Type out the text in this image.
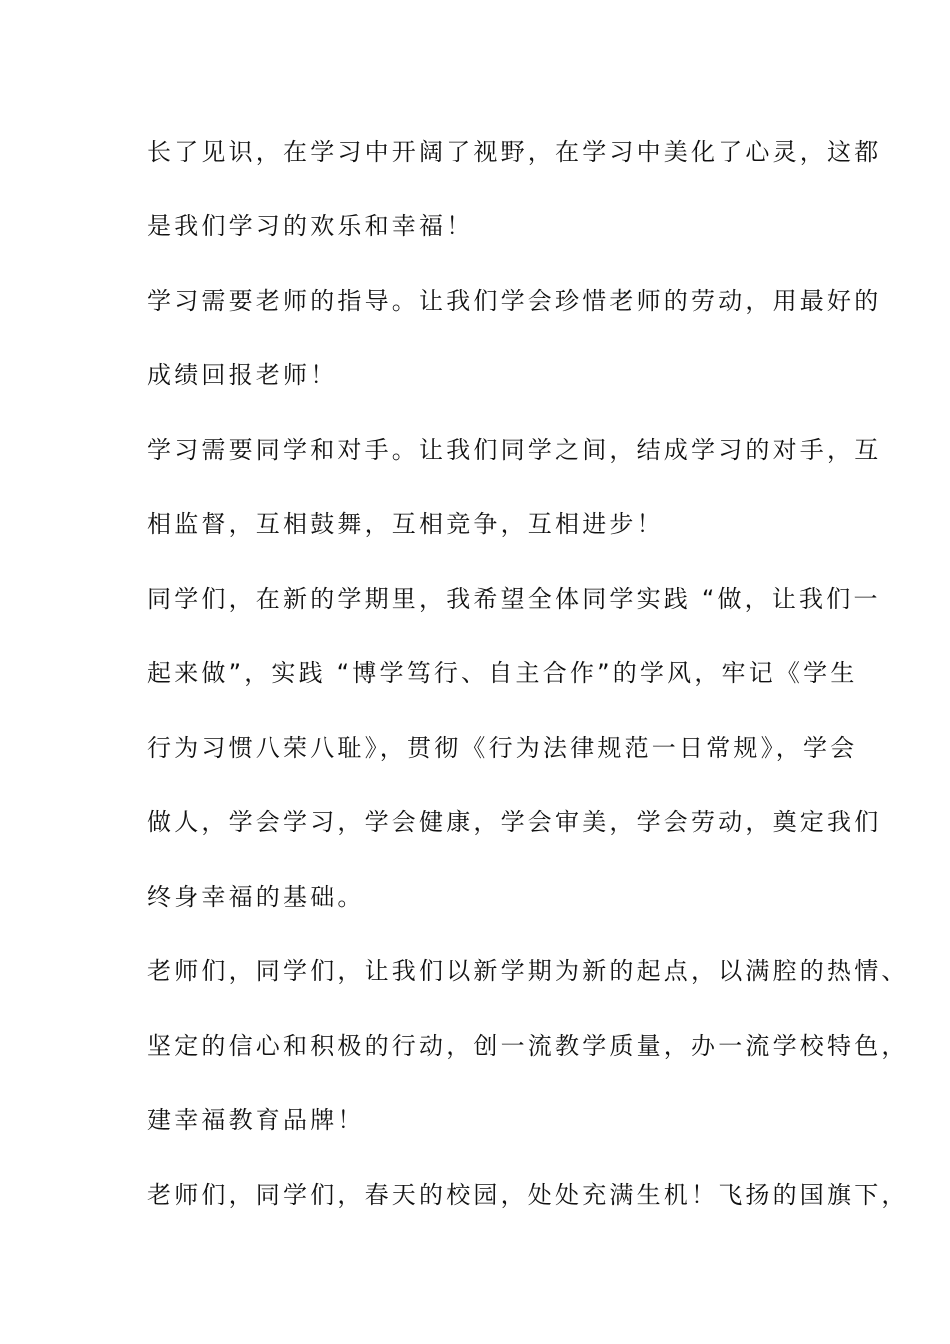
长了见识，在学习中开阔了视野，在学习中美化了心灵，这都
是我们学习的欢乐和幸福！
学习需要老师的指导。让我们学会珍惜老师的劳动，用最好的
成绩回报老师！
学习需要同学和对手。让我们同学之间，结成学习的对手，互
相监督，互相鼓舞，互相竞争，互相进步！
同学们，在新的学期里，我希望全体同学实践 “做，让我们一
起来做”，实践 “博学笃行、自主合作”的学风，牢记《学生
行为习惯八荣八耻》，贯彻《行为法律规范一日常规》，学会
做人，学会学习，学会健康，学会审美，学会劳动，奠定我们
终身幸福的基础。
老师们，同学们，让我们以新学期为新的起点，以满腔的热情、
坚定的信心和积极的行动，创一流教学质量，办一流学校特色，
建幸福教育品牌！
老师们，同学们，春天的校园，处处充满生机！飞扬的国旗下，
